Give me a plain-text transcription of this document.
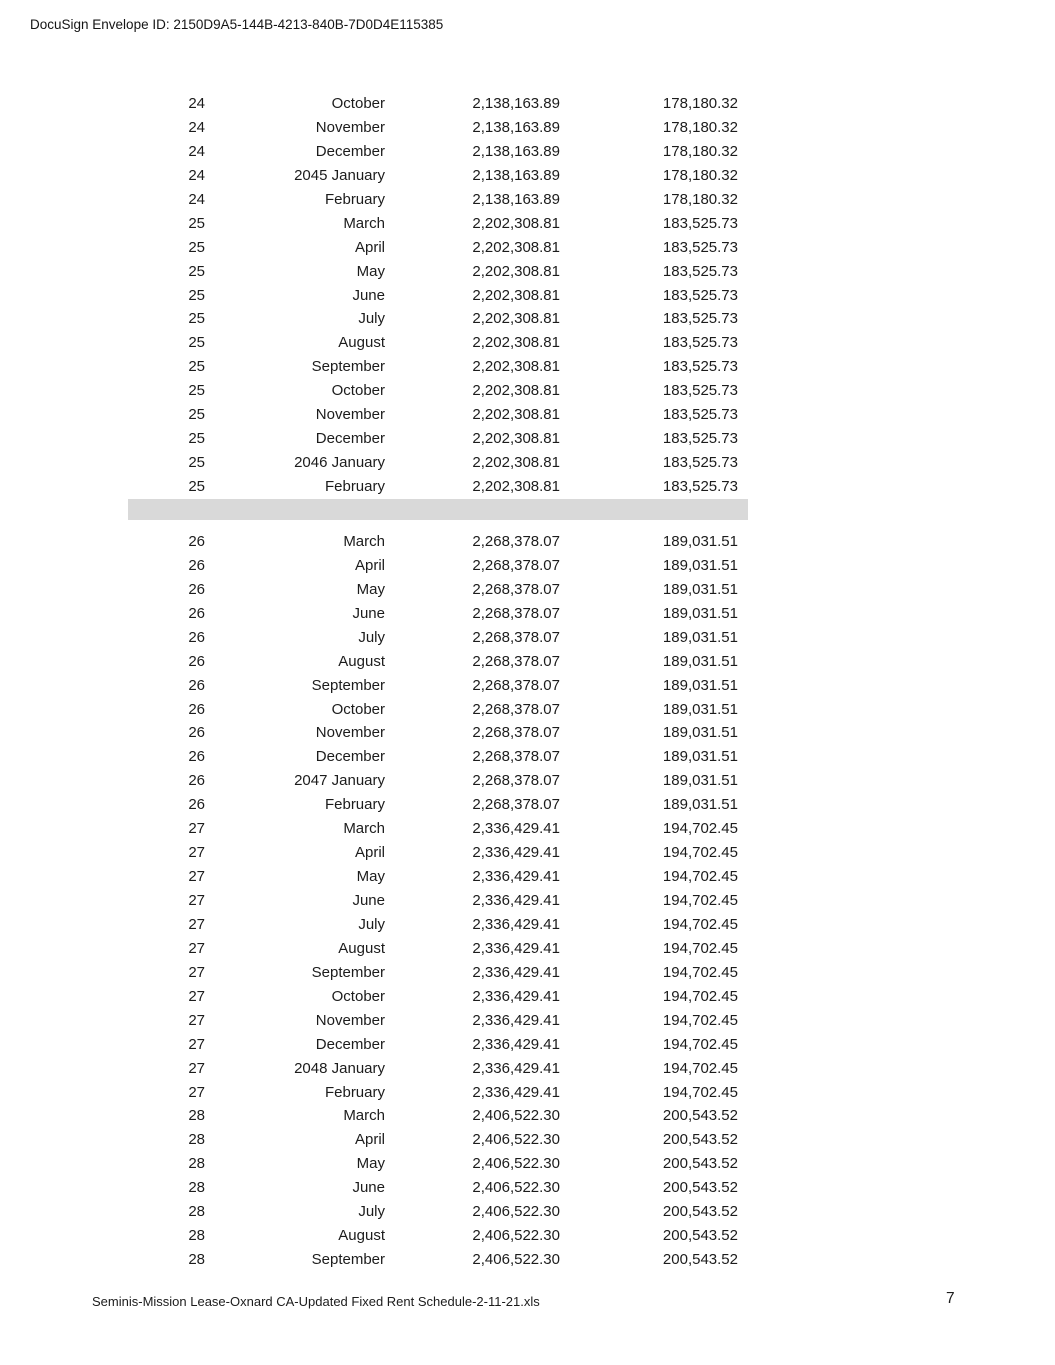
DocuSign Envelope ID: 2150D9A5-144B-4213-840B-7D0D4E115385
24	October	2,138,163.89	178,180.32
24	November	2,138,163.89	178,180.32
24	December	2,138,163.89	178,180.32
24	2045 January	2,138,163.89	178,180.32
24	February	2,138,163.89	178,180.32
25	March	2,202,308.81	183,525.73
25	April	2,202,308.81	183,525.73
25	May	2,202,308.81	183,525.73
25	June	2,202,308.81	183,525.73
25	July	2,202,308.81	183,525.73
25	August	2,202,308.81	183,525.73
25	September	2,202,308.81	183,525.73
25	October	2,202,308.81	183,525.73
25	November	2,202,308.81	183,525.73
25	December	2,202,308.81	183,525.73
25	2046 January	2,202,308.81	183,525.73
25	February	2,202,308.81	183,525.73
26	March	2,268,378.07	189,031.51
26	April	2,268,378.07	189,031.51
26	May	2,268,378.07	189,031.51
26	June	2,268,378.07	189,031.51
26	July	2,268,378.07	189,031.51
26	August	2,268,378.07	189,031.51
26	September	2,268,378.07	189,031.51
26	October	2,268,378.07	189,031.51
26	November	2,268,378.07	189,031.51
26	December	2,268,378.07	189,031.51
26	2047 January	2,268,378.07	189,031.51
26	February	2,268,378.07	189,031.51
27	March	2,336,429.41	194,702.45
27	April	2,336,429.41	194,702.45
27	May	2,336,429.41	194,702.45
27	June	2,336,429.41	194,702.45
27	July	2,336,429.41	194,702.45
27	August	2,336,429.41	194,702.45
27	September	2,336,429.41	194,702.45
27	October	2,336,429.41	194,702.45
27	November	2,336,429.41	194,702.45
27	December	2,336,429.41	194,702.45
27	2048 January	2,336,429.41	194,702.45
27	February	2,336,429.41	194,702.45
28	March	2,406,522.30	200,543.52
28	April	2,406,522.30	200,543.52
28	May	2,406,522.30	200,543.52
28	June	2,406,522.30	200,543.52
28	July	2,406,522.30	200,543.52
28	August	2,406,522.30	200,543.52
28	September	2,406,522.30	200,543.52
Seminis-Mission Lease-Oxnard CA-Updated Fixed Rent Schedule-2-11-21.xls	7
